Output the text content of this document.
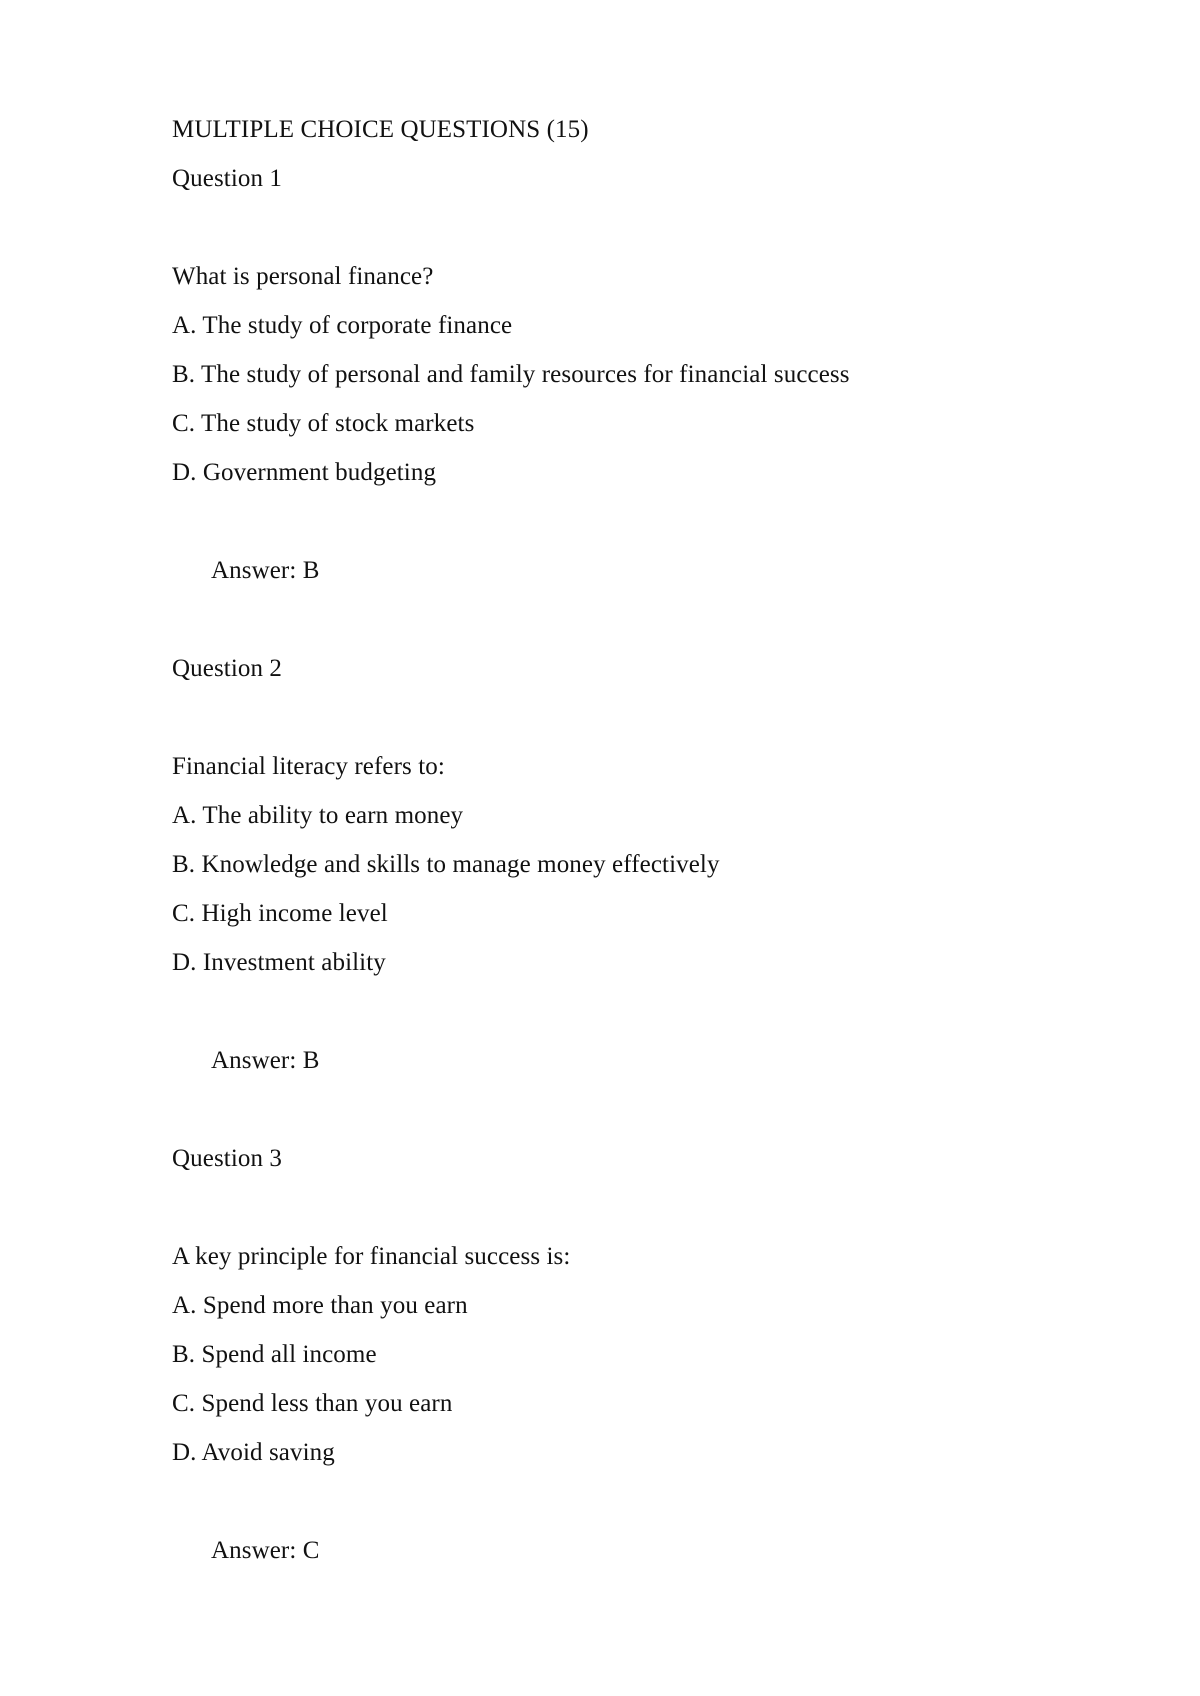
MULTIPLE CHOICE QUESTIONS (15)
Question 1
What is personal finance?
A. The study of corporate finance
B. The study of personal and family resources for financial success
C. The study of stock markets
D. Government budgeting
Answer: B
Question 2
Financial literacy refers to:
A. The ability to earn money
B. Knowledge and skills to manage money effectively
C. High income level
D. Investment ability
Answer: B
Question 3
A key principle for financial success is:
A. Spend more than you earn
B. Spend all income
C. Spend less than you earn
D. Avoid saving
Answer: C
